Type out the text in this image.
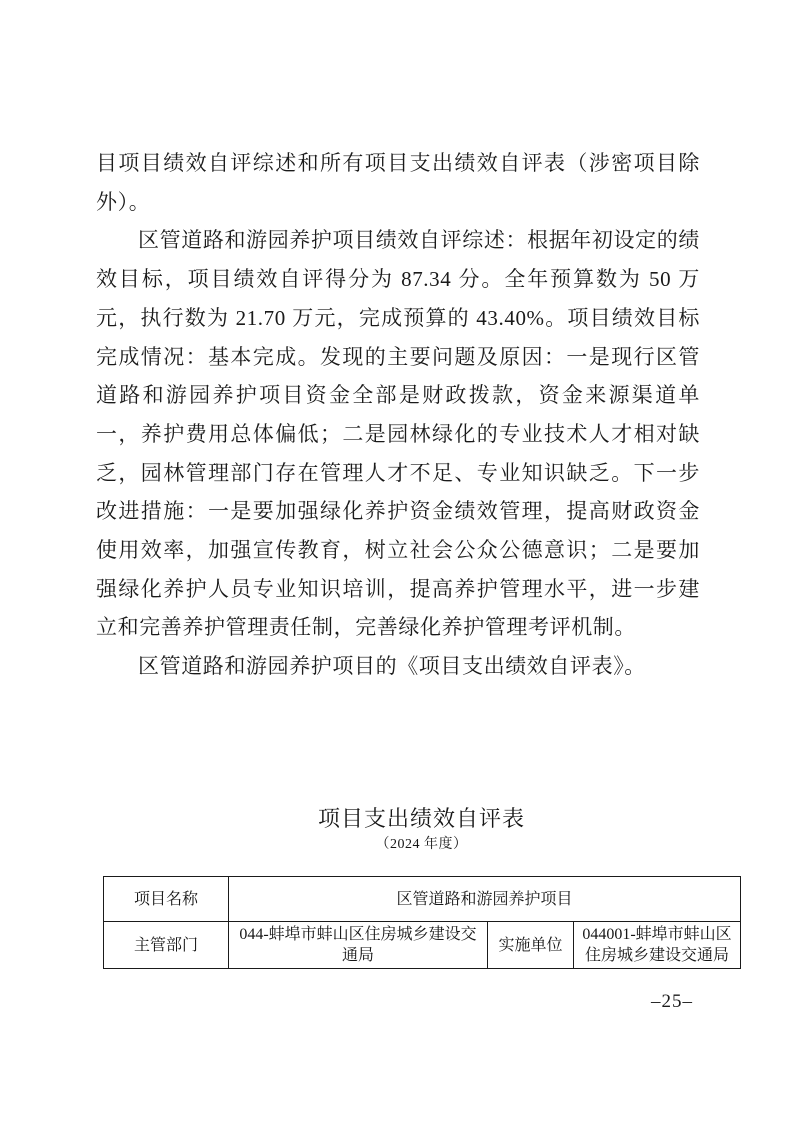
目项目绩效自评综述和所有项目支出绩效自评表（涉密项目除外）。

区管道路和游园养护项目绩效自评综述：根据年初设定的绩效目标，项目绩效自评得分为 87.34 分。全年预算数为 50 万元，执行数为 21.70 万元，完成预算的 43.40%。项目绩效目标完成情况：基本完成。发现的主要问题及原因：一是现行区管道路和游园养护项目资金全部是财政拨款，资金来源渠道单一，养护费用总体偏低；二是园林绿化的专业技术人才相对缺乏，园林管理部门存在管理人才不足、专业知识缺乏。下一步改进措施：一是要加强绿化养护资金绩效管理，提高财政资金使用效率，加强宣传教育，树立社会公众公德意识；二是要加强绿化养护人员专业知识培训，提高养护管理水平，进一步建立和完善养护管理责任制，完善绿化养护管理考评机制。

区管道路和游园养护项目的《项目支出绩效自评表》。

项目支出绩效自评表
（2024 年度）
项目名称	区管道路和游园养护项目		
主管部门	044-蚌埠市蚌山区住房城乡建设交通局	实施单位	044001-蚌埠市蚌山区住房城乡建设交通局
–25–
